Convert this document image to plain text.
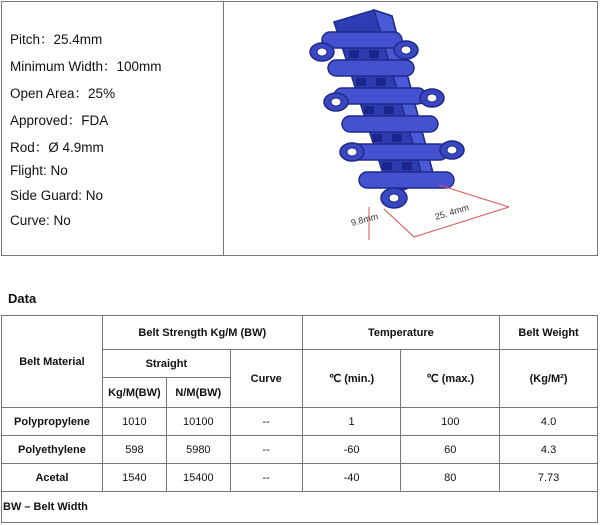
Pitch：25.4mm
Minimum Width：100mm
Open Area：25%
Approved：FDA
Rod：Ø 4.9mm
Flight: No
Side Guard: No
Curve: No	9.8mm	25. 4mm
Data
Belt Material	Belt Strength Kg/M (BW)			Temperature		Belt Weight
	Straight		Curve	℃ (min.)	℃ (max.)	(Kg/M²)
	Kg/M(BW)	N/M(BW)				
Polypropylene	1010	10100	--	1	100	4.0
Polyethylene	598	5980	--	-60	60	4.3
Acetal	1540	15400	--	-40	80	7.73
BW – Belt Width
